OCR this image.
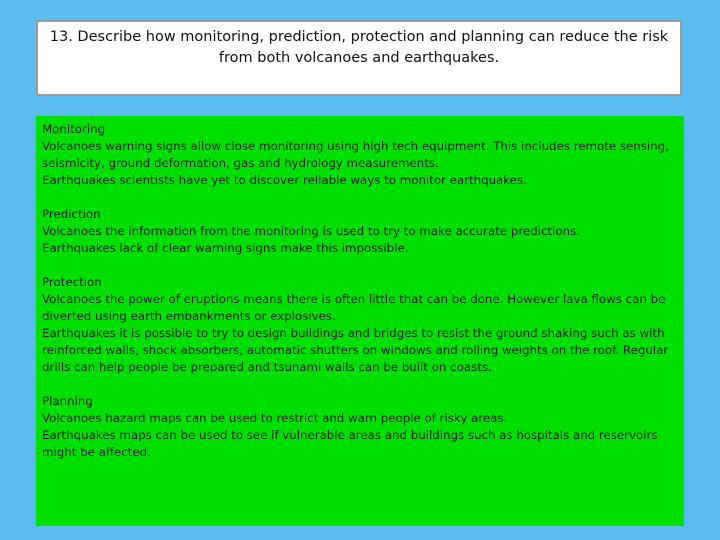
13. Describe how monitoring, prediction, protection and planning can reduce the risk
from both volcanoes and earthquakes.
Monitoring
Volcanoes warning signs allow close monitoring using high tech equipment. This includes remote sensing, seismicity, ground deformation, gas and hydrology measurements.
Earthquakes scientists have yet to discover reliable ways to monitor earthquakes.
Prediction
Volcanoes the information from the monitoring is used to try to make accurate predictions.
Earthquakes lack of clear warning signs make this impossible.
Protection
Volcanoes the power of eruptions means there is often little that can be done. However lava flows can be diverted using earth embankments or explosives.
Earthquakes it is possible to try to design buildings and bridges to resist the ground shaking such as with reinforced walls, shock absorbers, automatic shutters on windows and rolling weights on the roof. Regular drills can help people be prepared and tsunami walls can be built on coasts.
Planning
Volcanoes hazard maps can be used to restrict and warn people of risky areas.
Earthquakes maps can be used to see if vulnerable areas and buildings such as hospitals and reservoirs might be affected.
